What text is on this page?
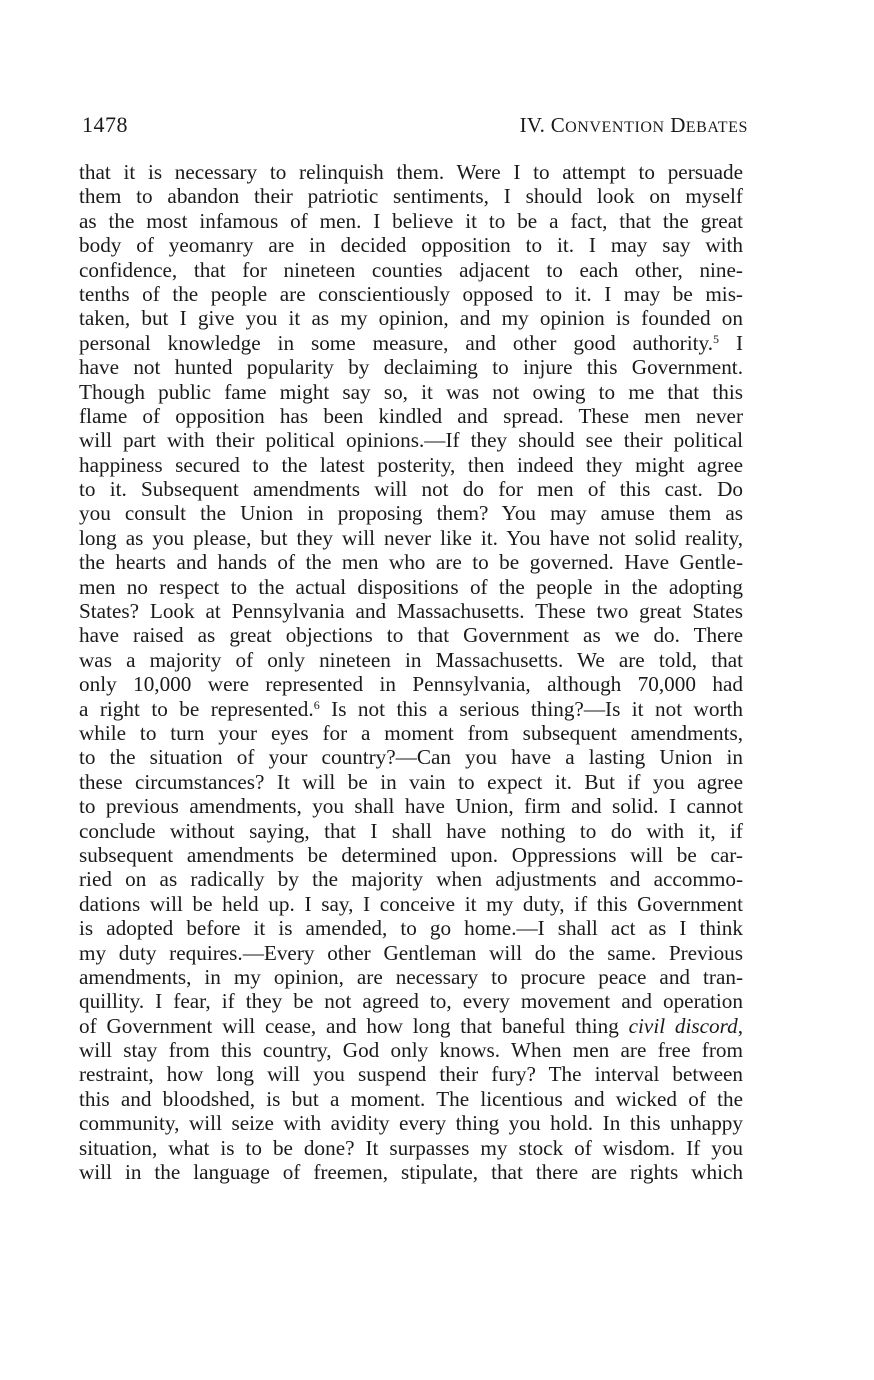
1478	IV. CONVENTION DEBATES
that it is necessary to relinquish them. Were I to attempt to persuade
them to abandon their patriotic sentiments, I should look on myself
as the most infamous of men. I believe it to be a fact, that the great
body of yeomanry are in decided opposition to it. I may say with
confidence, that for nineteen counties adjacent to each other, nine-
tenths of the people are conscientiously opposed to it. I may be mis-
taken, but I give you it as my opinion, and my opinion is founded on
personal knowledge in some measure, and other good authority.$^5$ I
have not hunted popularity by declaiming to injure this Government.
Though public fame might say so, it was not owing to me that this
flame of opposition has been kindled and spread. These men never
will part with their political opinions.—If they should see their political
happiness secured to the latest posterity, then indeed they might agree
to it. Subsequent amendments will not do for men of this cast. Do
you consult the Union in proposing them? You may amuse them as
long as you please, but they will never like it. You have not solid reality,
the hearts and hands of the men who are to be governed. Have Gentle-
men no respect to the actual dispositions of the people in the adopting
States? Look at Pennsylvania and Massachusetts. These two great States
have raised as great objections to that Government as we do. There
was a majority of only nineteen in Massachusetts. We are told, that
only 10,000 were represented in Pennsylvania, although 70,000 had
a right to be represented.$^6$ Is not this a serious thing?—Is it not worth
while to turn your eyes for a moment from subsequent amendments,
to the situation of your country?—Can you have a lasting Union in
these circumstances? It will be in vain to expect it. But if you agree
to previous amendments, you shall have Union, firm and solid. I cannot
conclude without saying, that I shall have nothing to do with it, if
subsequent amendments be determined upon. Oppressions will be car-
ried on as radically by the majority when adjustments and accommo-
dations will be held up. I say, I conceive it my duty, if this Government
is adopted before it is amended, to go home.—I shall act as I think
my duty requires.—Every other Gentleman will do the same. Previous
amendments, in my opinion, are necessary to procure peace and tran-
quillity. I fear, if they be not agreed to, every movement and operation
of Government will cease, and how long that baneful thing civil discord,
will stay from this country, God only knows. When men are free from
restraint, how long will you suspend their fury? The interval between
this and bloodshed, is but a moment. The licentious and wicked of the
community, will seize with avidity every thing you hold. In this unhappy
situation, what is to be done? It surpasses my stock of wisdom. If you
will in the language of freemen, stipulate, that there are rights which
